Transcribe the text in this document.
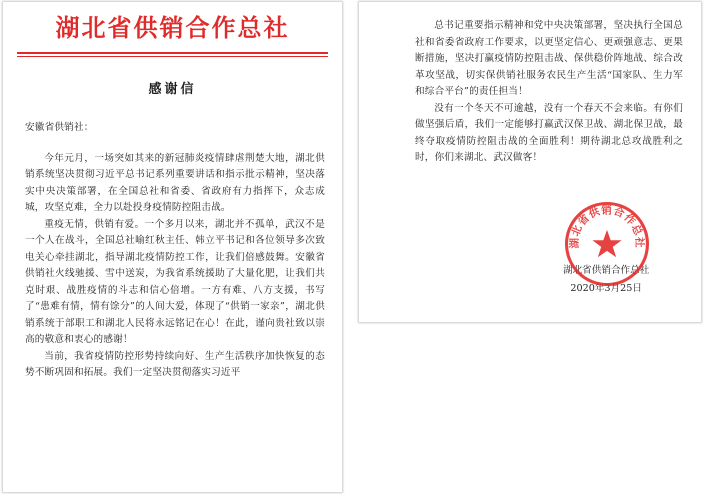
湖北省供销合作总社
感谢信

安徽省供销社：

今年元月，一场突如其来的新冠肺炎疫情肆虐荆楚大地，湖北供销系统坚决贯彻习近平总书记系列重要讲话和指示批示精神，坚决落实中央决策部署，在全国总社和省委、省政府有力指挥下，众志成城，攻坚克难，全力以赴投身疫情防控阻击战。

重疫无情，供销有爱。一个多月以来，湖北并不孤单，武汉不是一个人在战斗，全国总社喻红秋主任、韩立平书记和各位领导多次致电关心牵挂湖北，指导湖北疫情防控工作，让我们倍感鼓舞。安徽省供销社火线驰援、雪中送炭，为我省系统援助了大量化肥，让我们共克时艰、战胜疫情的斗志和信心倍增。一方有难、八方支援，书写了“患难有情，情有馀分”的人间大爱，体现了“供销一家亲”，湖北供销系统于部职工和湖北人民将永远铭记在心！在此，谨向贵社致以崇高的敬意和衷心的感谢！

当前，我省疫情防控形势持续向好、生产生活秩序加快恢复的态势不断巩固和拓展。我们一定坚决贯彻落实习近平

总书记重要指示精神和党中央决策部署，坚决执行全国总社和省委省政府工作要求，以更坚定信心、更顽强意志、更果断措施，坚决打赢疫情防控阻击战、保供稳价阵地战、综合改革攻坚战，切实保供销社服务农民生产生活“国家队、生力军和综合平台”的责任担当！

没有一个冬天不可逾越，没有一个春天不会来临。有你们做坚强后盾，我们一定能够打赢武汉保卫战、湖北保卫战，最终夺取疫情防控阻击战的全面胜利！期待湖北总攻战胜利之时，你们来湖北、武汉做客！

湖北省供销合作总社
湖北省供销合作总社
2020年3月25日
